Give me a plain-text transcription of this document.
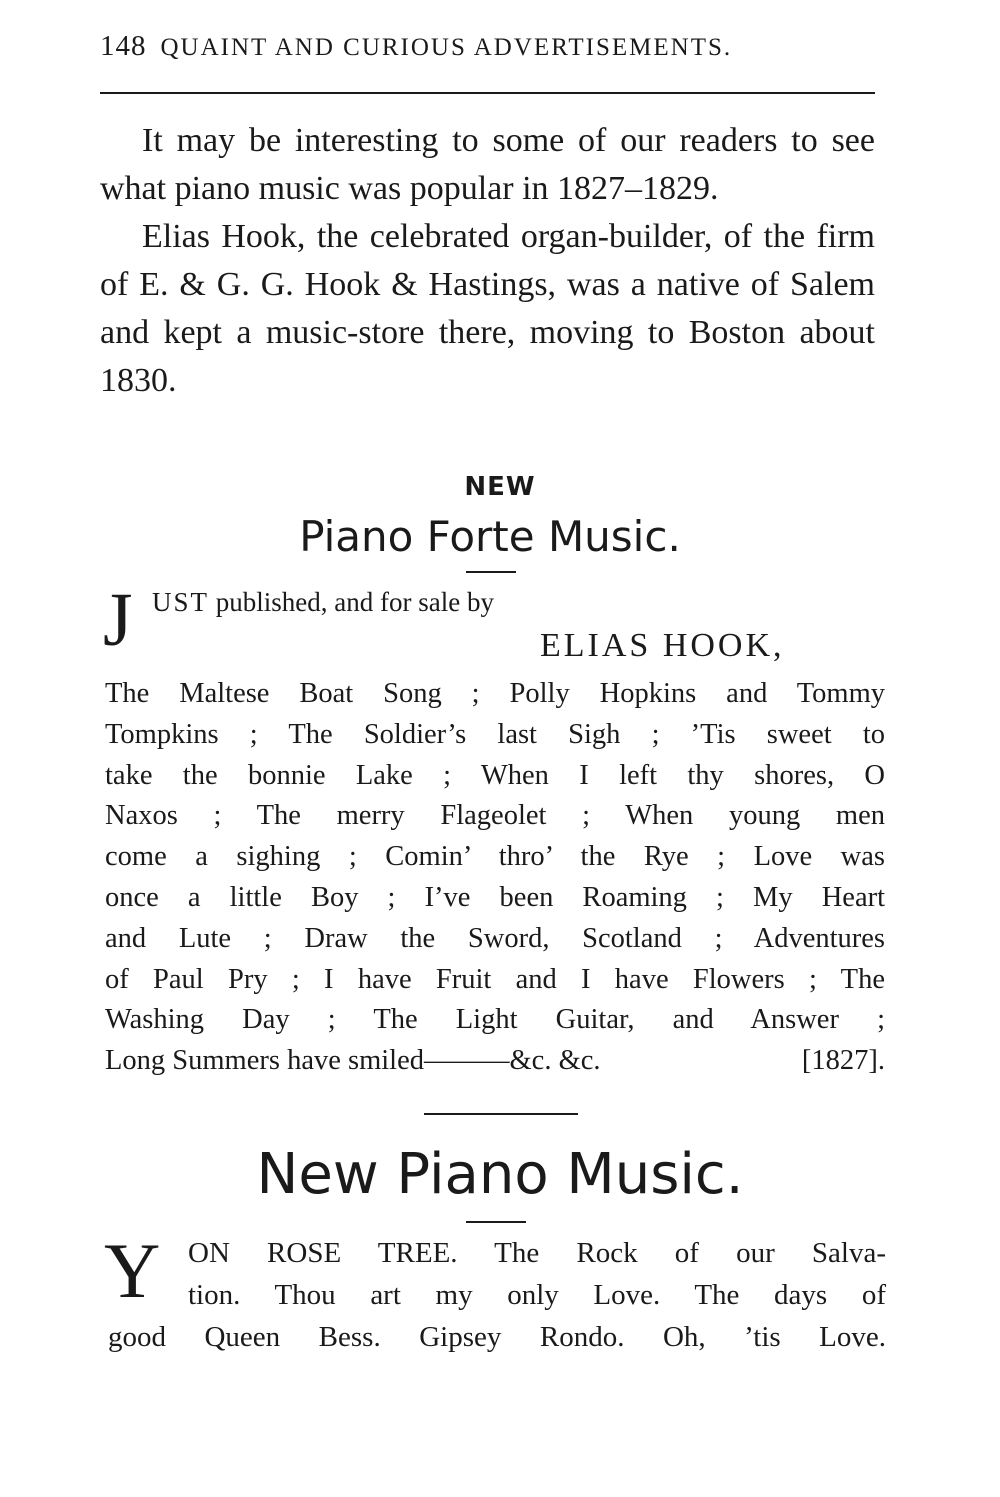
148 QUAINT AND CURIOUS ADVERTISEMENTS.

It may be interesting to some of our readers to see what piano music was popular in 1827–1829.

Elias Hook, the celebrated organ-builder, of the firm of E. & G. G. Hook & Hastings, was a native of Salem and kept a music-store there, moving to Boston about 1830.

NEW
Piano Forte Music.
J UST published, and for sale by
ELIAS HOOK,
The Maltese Boat Song ; Polly Hopkins and Tommy
Tompkins ; The Soldier’s last Sigh ; ’Tis sweet to
take the bonnie Lake ; When I left thy shores, O
Naxos ; The merry Flageolet ; When young men
come a sighing ; Comin’ thro’ the Rye ; Love was
once a little Boy ; I’ve been Roaming ; My Heart
and Lute ; Draw the Sword, Scotland ; Adventures
of Paul Pry ; I have Fruit and I have Flowers ; The
Washing Day ; The Light Guitar, and Answer ;
Long Summers have smiled———&c. &c.	[1827].
New Piano Music.
Y ON ROSE TREE. The Rock of our Salva-
tion. Thou art my only Love. The days of
good Queen Bess. Gipsey Rondo. Oh, ’tis Love.
